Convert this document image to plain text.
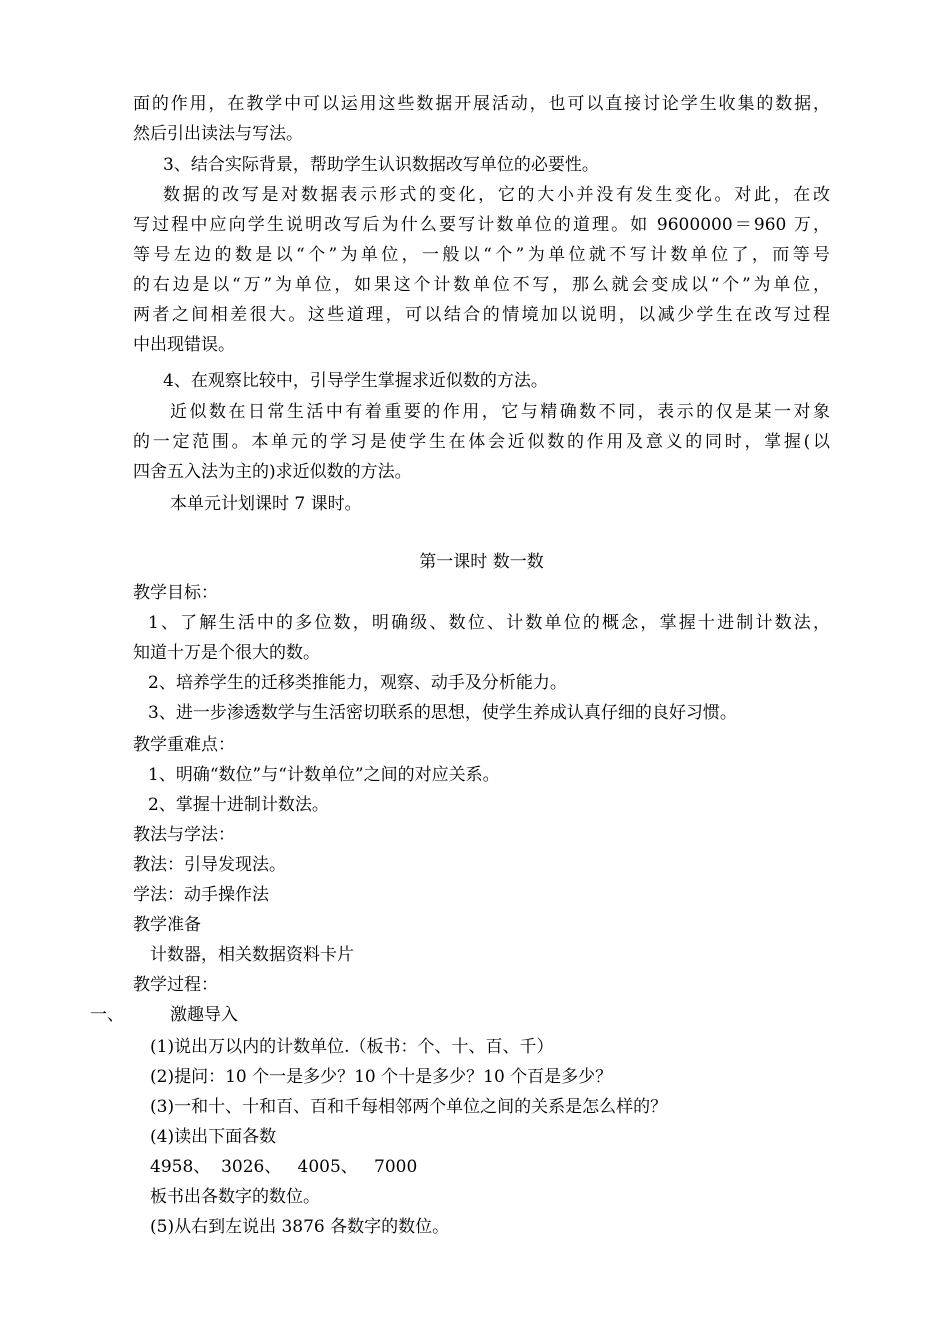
面的作用，在教学中可以运用这些数据开展活动，也可以直接讨论学生收集的数据，
然后引出读法与写法。
3、结合实际背景，帮助学生认识数据改写单位的必要性。
数据的改写是对数据表示形式的变化，它的大小并没有发生变化。对此，在改
写过程中应向学生说明改写后为什么要写计数单位的道理。如 9600000＝960 万，
等号左边的数是以“个”为单位，一般以“个”为单位就不写计数单位了，而等号
的右边是以“万”为单位，如果这个计数单位不写，那么就会变成以“个”为单位，
两者之间相差很大。这些道理，可以结合的情境加以说明，以减少学生在改写过程
中出现错误。
4、在观察比较中，引导学生掌握求近似数的方法。
近似数在日常生活中有着重要的作用，它与精确数不同，表示的仅是某一对象
的一定范围。本单元的学习是使学生在体会近似数的作用及意义的同时，掌握(以
四舍五入法为主的)求近似数的方法。
本单元计划课时 7 课时。
第一课时 数一数
教学目标：
1、了解生活中的多位数，明确级、数位、计数单位的概念，掌握十进制计数法，
知道十万是个很大的数。
2、培养学生的迁移类推能力，观察、动手及分析能力。
3、进一步渗透数学与生活密切联系的思想，使学生养成认真仔细的良好习惯。
教学重难点：
1、明确“数位”与“计数单位”之间的对应关系。
2、掌握十进制计数法。
教法与学法：
教法：引导发现法。
学法：动手操作法
教学准备
计数器，相关数据资料卡片
教学过程：
一、	激趣导入
(1)说出万以内的计数单位.（板书：个、十、百、千）
(2)提问：10 个一是多少？10 个十是多少？10 个百是多少？
(3)一和十、十和百、百和千每相邻两个单位之间的关系是怎么样的？
(4)读出下面各数
4958、  3026、   4005、   7000
板书出各数字的数位。
(5)从右到左说出 3876 各数字的数位。
